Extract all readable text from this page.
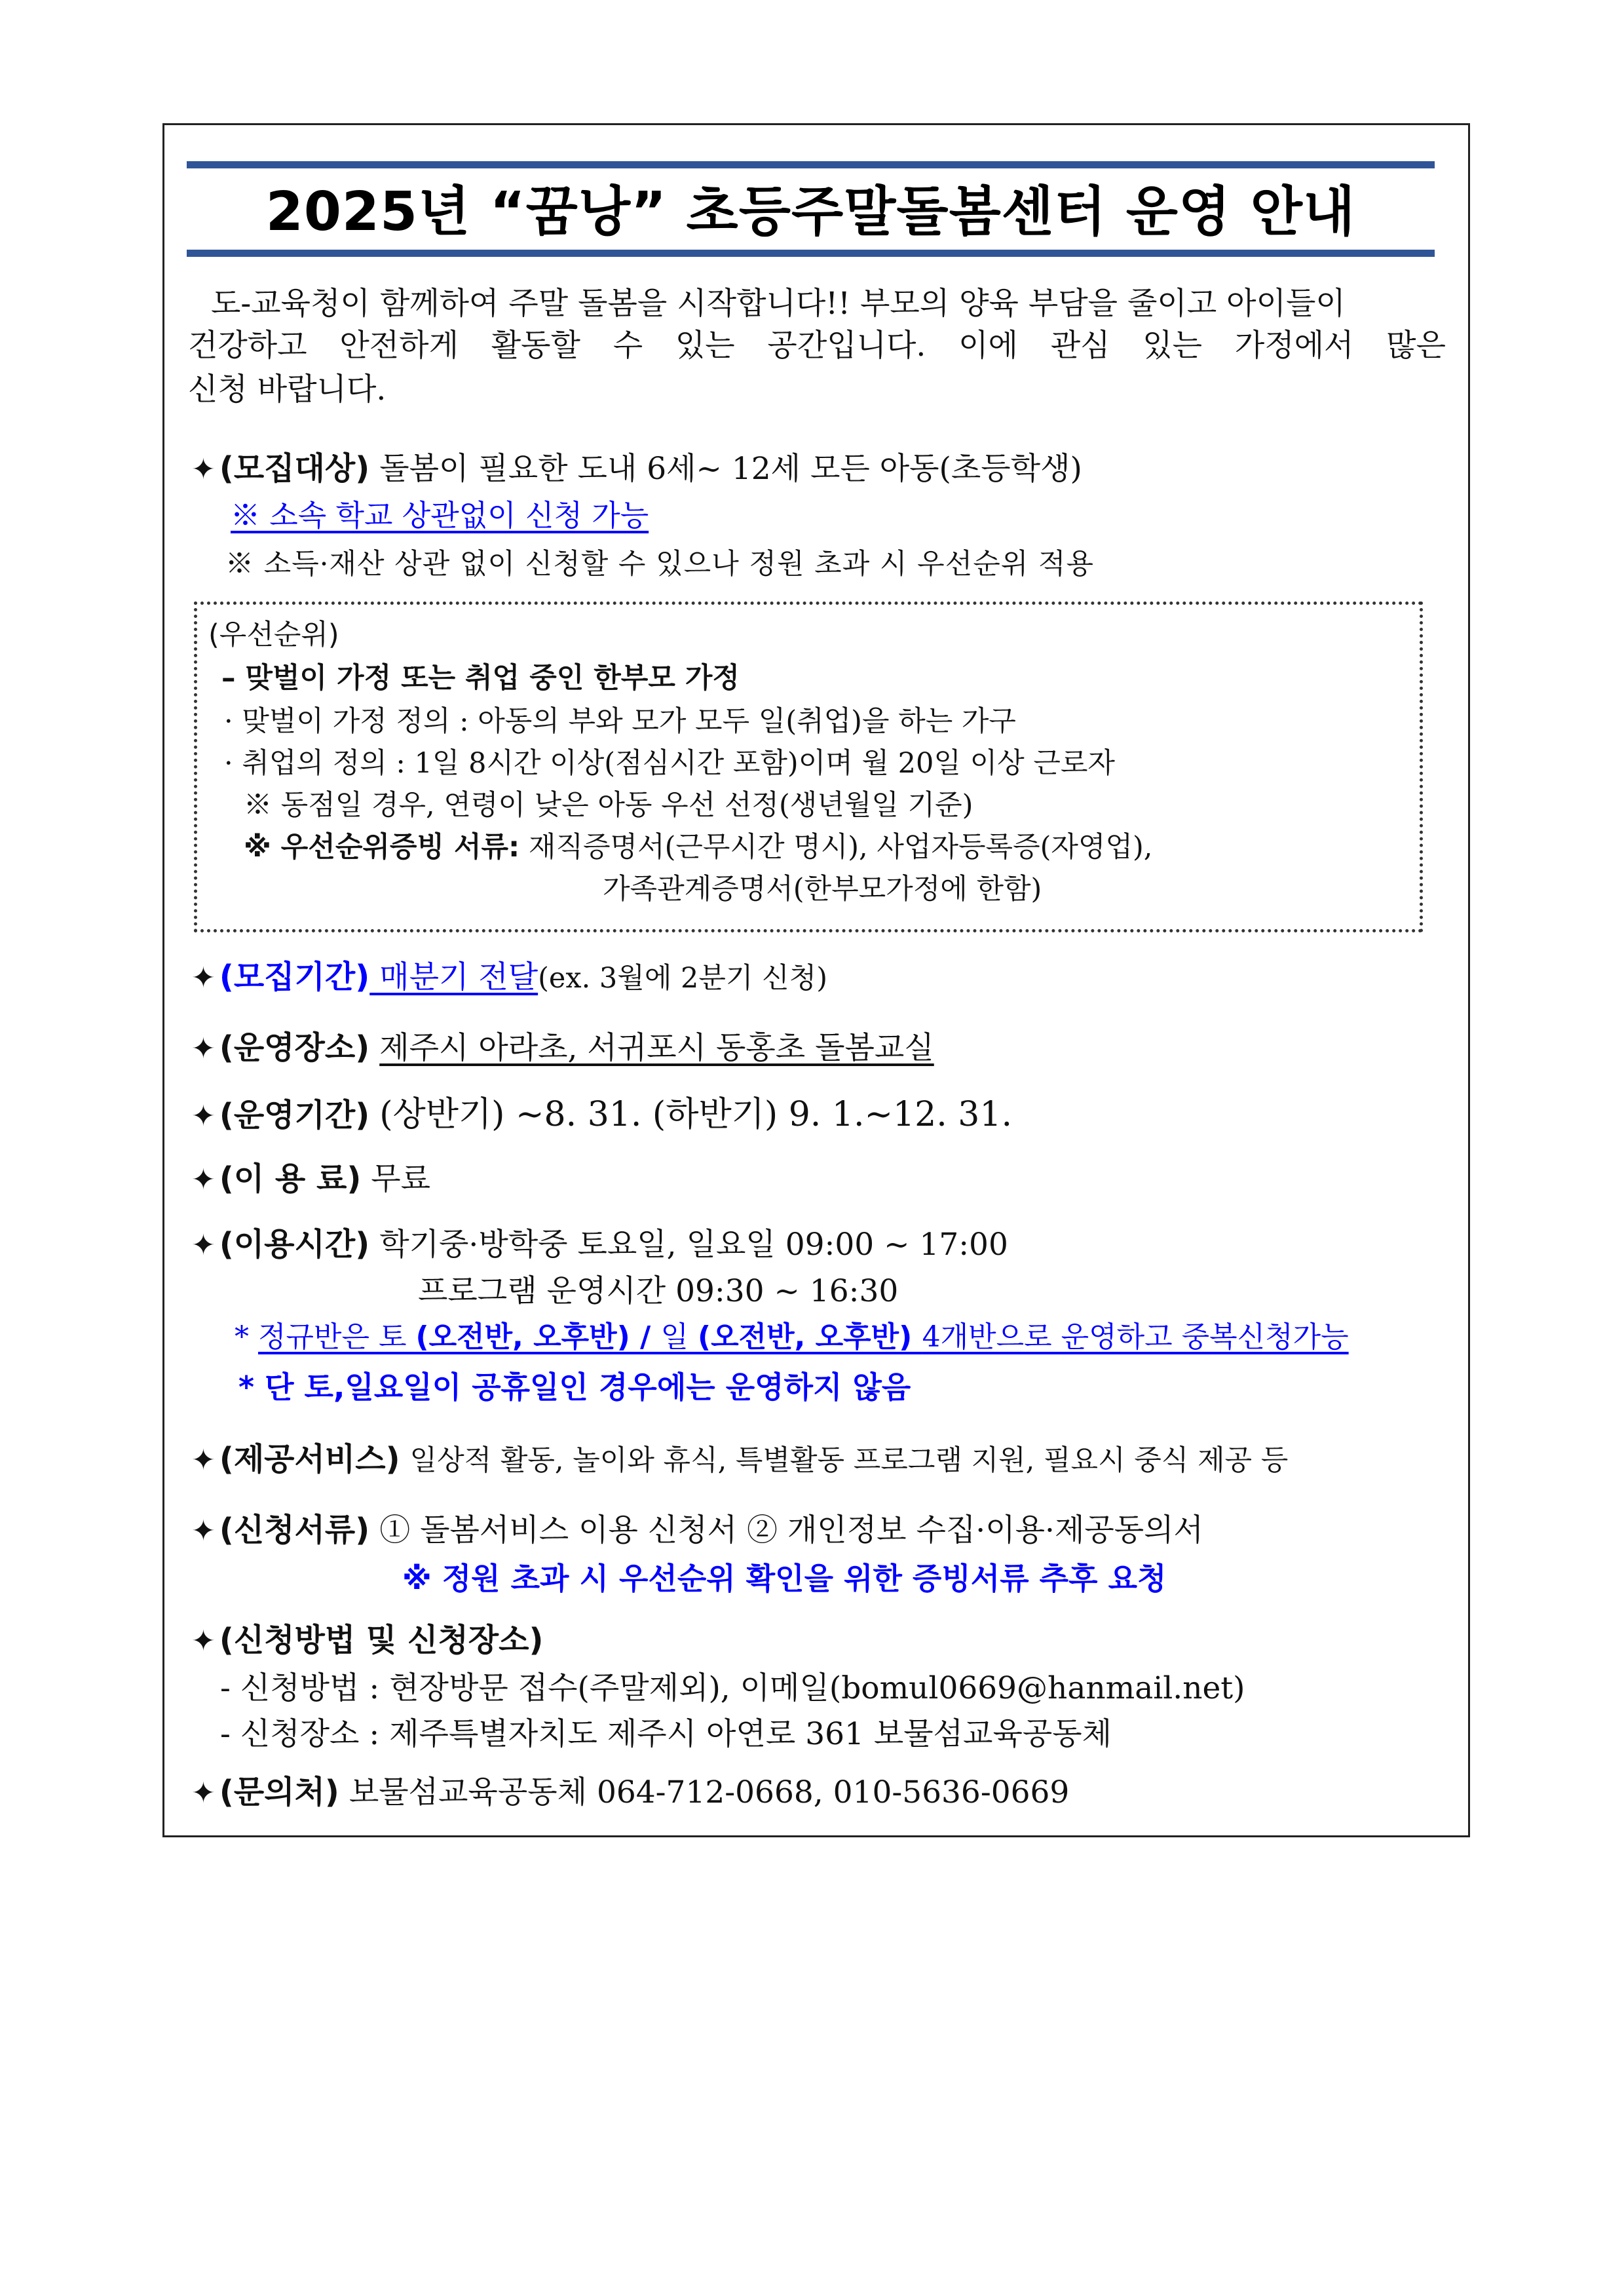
2025년 “꿈낭” 초등주말돌봄센터 운영 안내
도-교육청이 함께하여 주말 돌봄을 시작합니다!! 부모의 양육 부담을 줄이고 아이들이
건강하고 안전하게 활동할 수 있는 공간입니다. 이에 관심 있는 가정에서 많은
신청 바랍니다.
✦ (모집대상) 돌봄이 필요한 도내 6세~ 12세 모든 아동(초등학생)
※ 소속 학교 상관없이 신청 가능
※ 소득·재산 상관 없이 신청할 수 있으나 정원 초과 시 우선순위 적용
(우선순위)
– 맞벌이 가정 또는 취업 중인 한부모 가정
· 맞벌이 가정 정의 : 아동의 부와 모가 모두 일(취업)을 하는 가구
· 취업의 정의 : 1일 8시간 이상(점심시간 포함)이며 월 20일 이상 근로자
※ 동점일 경우, 연령이 낮은 아동 우선 선정(생년월일 기준)
※ 우선순위증빙 서류: 재직증명서(근무시간 명시), 사업자등록증(자영업),
가족관계증명서(한부모가정에 한함)
✦ (모집기간) 매분기 전달(ex. 3월에 2분기 신청)
✦ (운영장소) 제주시 아라초, 서귀포시 동홍초 돌봄교실
✦ (운영기간) (상반기) ~8. 31. (하반기) 9. 1.~12. 31.
✦ (이 용 료) 무료
✦ (이용시간) 학기중·방학중 토요일, 일요일 09:00 ~ 17:00
프로그램 운영시간 09:30 ~ 16:30
* 정규반은 토 (오전반, 오후반) / 일 (오전반, 오후반) 4개반으로 운영하고 중복신청가능
* 단 토,일요일이 공휴일인 경우에는 운영하지 않음
✦ (제공서비스) 일상적 활동, 놀이와 휴식, 특별활동 프로그램 지원, 필요시 중식 제공 등
✦ (신청서류) ① 돌봄서비스 이용 신청서 ② 개인정보 수집·이용·제공동의서
※ 정원 초과 시 우선순위 확인을 위한 증빙서류 추후 요청
✦ (신청방법 및 신청장소)
- 신청방법 : 현장방문 접수(주말제외), 이메일(bomul0669@hanmail.net)
- 신청장소 : 제주특별자치도 제주시 아연로 361 보물섬교육공동체
✦ (문의처) 보물섬교육공동체 064-712-0668, 010-5636-0669
